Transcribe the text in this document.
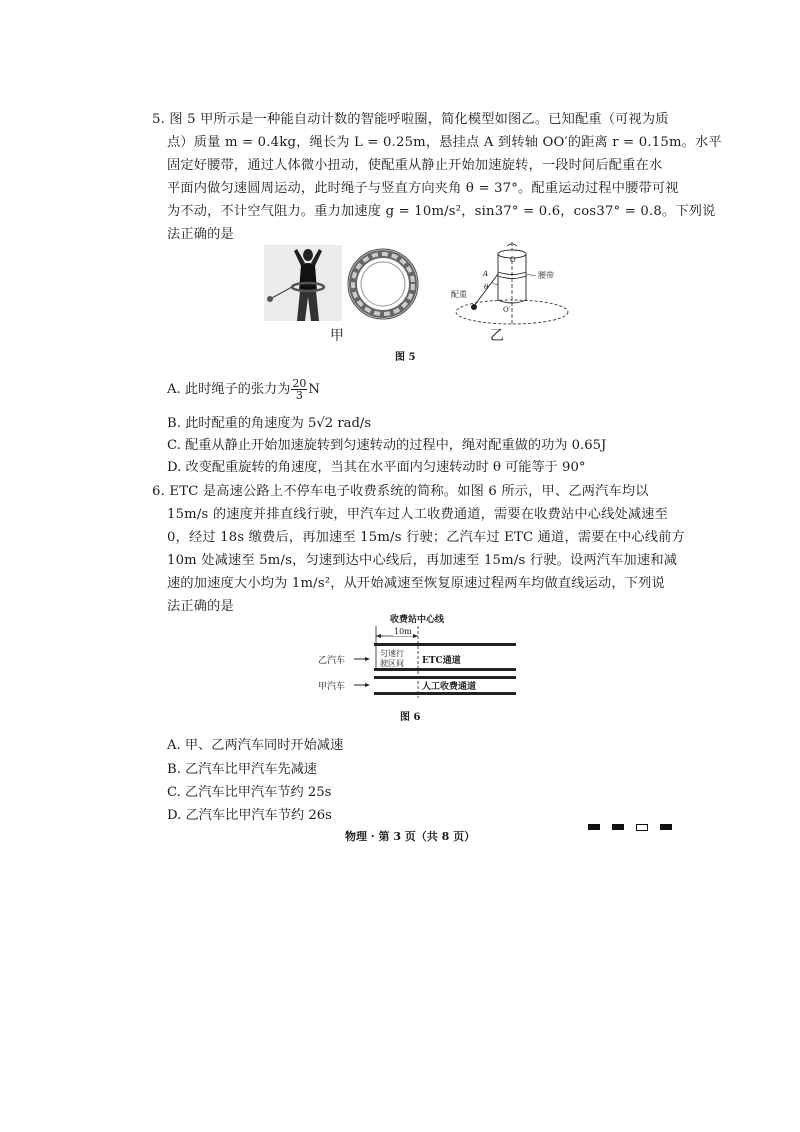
5. 图 5 甲所示是一种能自动计数的智能呼啦圈，简化模型如图乙。已知配重（可视为质
点）质量 m = 0.4kg，绳长为 L = 0.25m，悬挂点 A 到转轴 OO′的距离 r = 0.15m。水平
固定好腰带，通过人体微小扭动，使配重从静止开始加速旋转，一段时间后配重在水
平面内做匀速圆周运动，此时绳子与竖直方向夹角 θ = 37°。配重运动过程中腰带可视
为不动，不计空气阻力。重力加速度 g = 10m/s²，sin37° = 0.6，cos37° = 0.8。下列说
法正确的是
甲
O
A
θ
腰带
配重
O′
乙
图 5
A. 此时绳子的张力为 $\frac{20}{3}$ N
B. 此时配重的角速度为 5√2 rad/s
C. 配重从静止开始加速旋转到匀速转动的过程中，绳对配重做的功为 0.65J
D. 改变配重旋转的角速度，当其在水平面内匀速转动时 θ 可能等于 90°
6. ETC 是高速公路上不停车电子收费系统的简称。如图 6 所示，甲、乙两汽车均以
15m/s 的速度并排直线行驶，甲汽车过人工收费通道，需要在收费站中心线处减速至
0，经过 18s 缴费后，再加速至 15m/s 行驶；乙汽车过 ETC 通道，需要在中心线前方
10m 处减速至 5m/s，匀速到达中心线后，再加速至 15m/s 行驶。设两汽车加速和减
速的加速度大小均为 1m/s²，从开始减速至恢复原速过程两车均做直线运动，下列说
法正确的是
收费站中心线
10m
匀速行
驶区间 ETC通道
人工收费通道
乙汽车
甲汽车
图 6
A. 甲、乙两汽车同时开始减速
B. 乙汽车比甲汽车先减速
C. 乙汽车比甲汽车节约 25s
D. 乙汽车比甲汽车节约 26s
物理 · 第 3 页（共 8 页）
